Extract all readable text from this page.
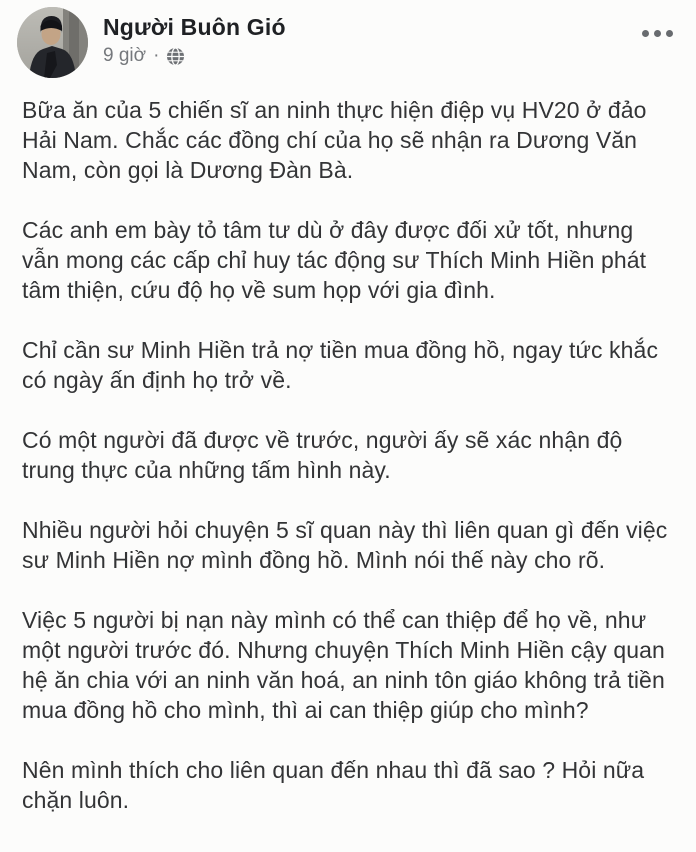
Người Buôn Gió
9 giờ ·

Bữa ăn của 5 chiến sĩ an ninh thực hiện điệp vụ HV20 ở đảo Hải Nam. Chắc các đồng chí của họ sẽ nhận ra Dương Văn Nam, còn gọi là Dương Đàn Bà.

Các anh em bày tỏ tâm tư dù ở đây được đối xử tốt, nhưng vẫn mong các cấp chỉ huy tác động sư Thích Minh Hiền phát tâm thiện, cứu độ họ về sum họp với gia đình.

Chỉ cần sư Minh Hiền trả nợ tiền mua đồng hồ, ngay tức khắc có ngày ấn định họ trở về.

Có một người đã được về trước, người ấy sẽ xác nhận độ trung thực của những tấm hình này.

Nhiều người hỏi chuyện 5 sĩ quan này thì liên quan gì đến việc sư Minh Hiền nợ mình đồng hồ. Mình nói thế này cho rõ.

Việc 5 người bị nạn này mình có thể can thiệp để họ về, như một người trước đó. Nhưng chuyện Thích Minh Hiền cậy quan hệ ăn chia với an ninh văn hoá, an ninh tôn giáo không trả tiền mua đồng hồ cho mình, thì ai can thiệp giúp cho mình?

Nên mình thích cho liên quan đến nhau thì đã sao ? Hỏi nữa chặn luôn.
